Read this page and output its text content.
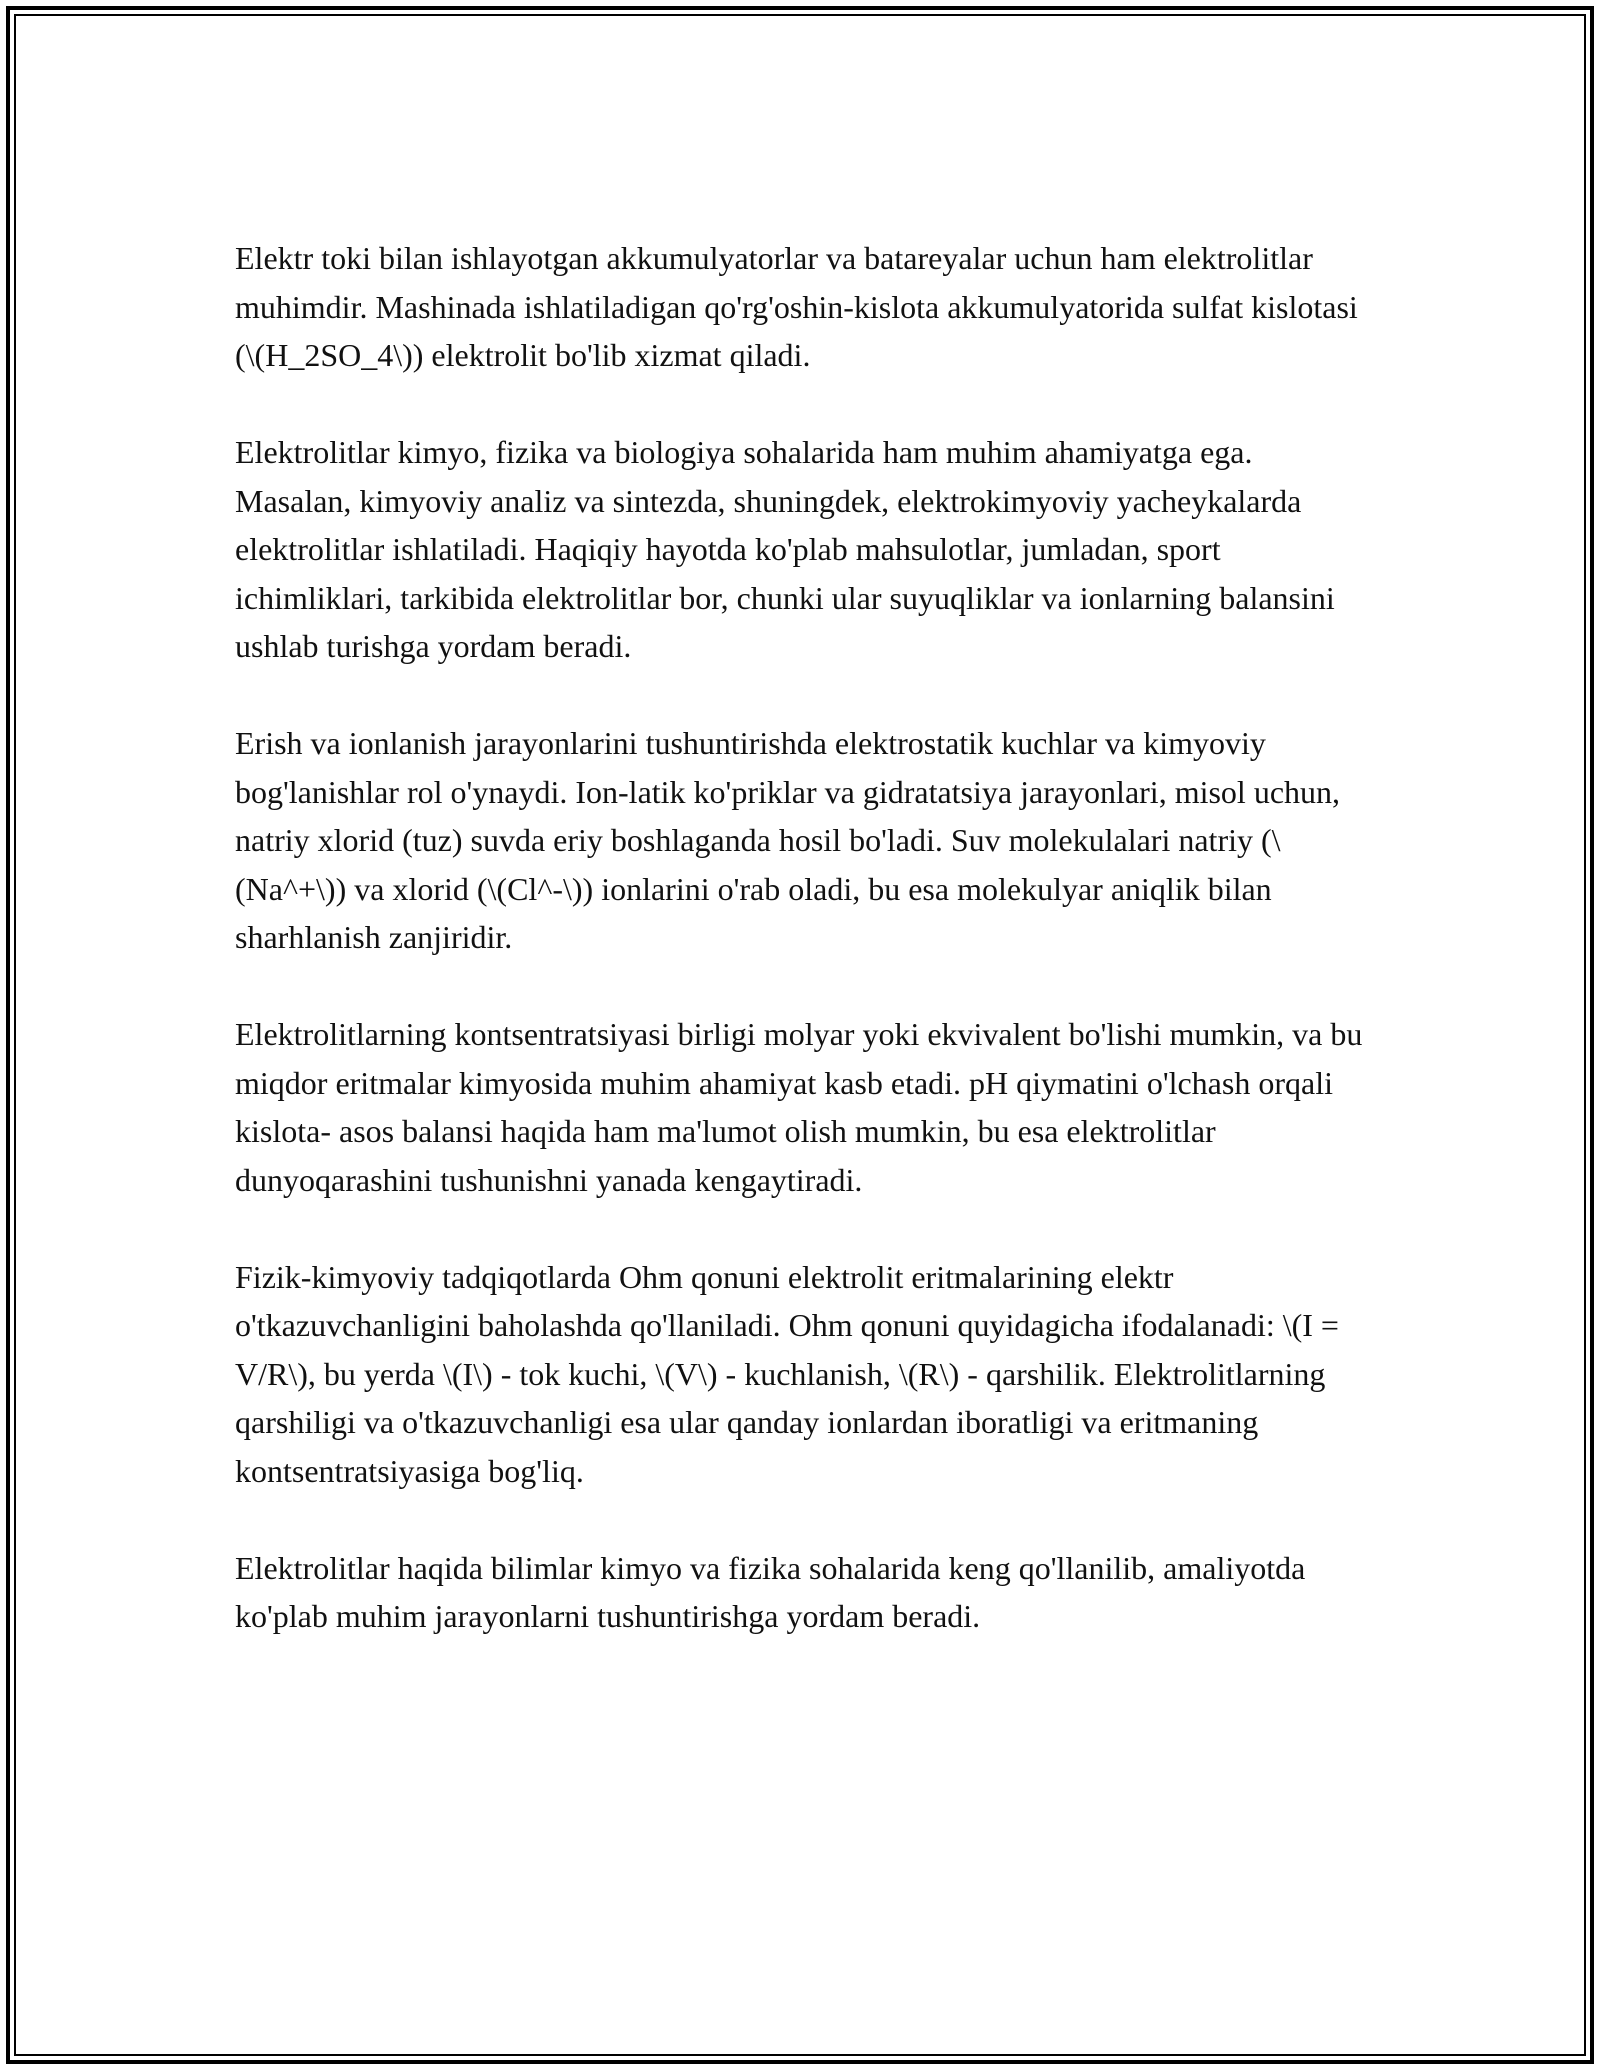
Elektr toki bilan ishlayotgan akkumulyatorlar va batareyalar uchun ham elektrolitlar muhimdir. Mashinada ishlatiladigan qo'rg'oshin-kislota akkumulyatorida sulfat kislotasi (\(H_2SO_4\)) elektrolit bo'lib xizmat qiladi.

Elektrolitlar kimyo, fizika va biologiya sohalarida ham muhim ahamiyatga ega. Masalan, kimyoviy analiz va sintezda, shuningdek, elektrokimyoviy yacheykalarda elektrolitlar ishlatiladi. Haqiqiy hayotda ko'plab mahsulotlar, jumladan, sport ichimliklari, tarkibida elektrolitlar bor, chunki ular suyuqliklar va ionlarning balansini ushlab turishga yordam beradi.

Erish va ionlanish jarayonlarini tushuntirishda elektrostatik kuchlar va kimyoviy bog'lanishlar rol o'ynaydi. Ion-latik ko'priklar va gidratatsiya jarayonlari, misol uchun, natriy xlorid (tuz) suvda eriy boshlaganda hosil bo'ladi. Suv molekulalari natriy (\(Na^+\)) va xlorid (\(Cl^-\)) ionlarini o'rab oladi, bu esa molekulyar aniqlik bilan sharhlanish zanjiridir.

Elektrolitlarning kontsentratsiyasi birligi molyar yoki ekvivalent bo'lishi mumkin, va bu miqdor eritmalar kimyosida muhim ahamiyat kasb etadi. pH qiymatini o'lchash orqali kislota- asos balansi haqida ham ma'lumot olish mumkin, bu esa elektrolitlar dunyoqarashini tushunishni yanada kengaytiradi.

Fizik-kimyoviy tadqiqotlarda Ohm qonuni elektrolit eritmalarining elektr o'tkazuvchanligini baholashda qo'llaniladi. Ohm qonuni quyidagicha ifodalanadi: \(I = V/R\), bu yerda \(I\) - tok kuchi, \(V\) - kuchlanish, \(R\) - qarshilik. Elektrolitlarning qarshiligi va o'tkazuvchanligi esa ular qanday ionlardan iboratligi va eritmaning kontsentratsiyasiga bog'liq.

Elektrolitlar haqida bilimlar kimyo va fizika sohalarida keng qo'llanilib, amaliyotda ko'plab muhim jarayonlarni tushuntirishga yordam beradi.
